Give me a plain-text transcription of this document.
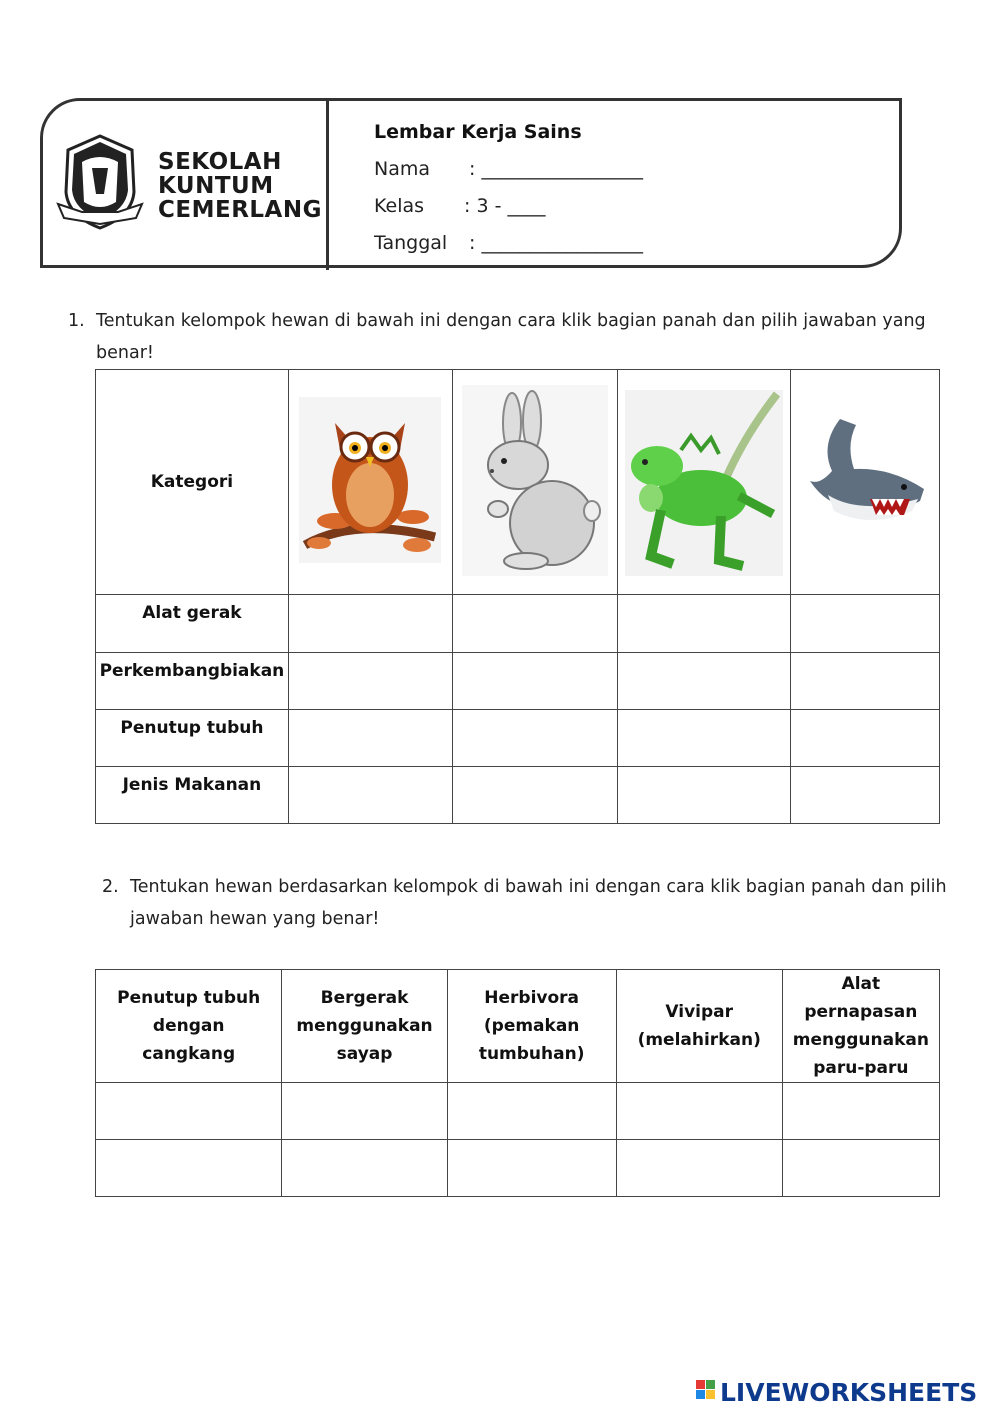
SEKOLAH
KUNTUM
CEMERLANG
Lembar Kerja Sains
Nama : _________________
Kelas : 3 - ____
Tanggal : _________________
1. Tentukan kelompok hewan di bawah ini dengan cara klik bagian panah dan pilih jawaban yang benar!
Kategori				
Alat gerak				
Perkembangbiakan				
Penutup tubuh				
Jenis Makanan				
2. Tentukan hewan berdasarkan kelompok di bawah ini dengan cara klik bagian panah dan pilih jawaban hewan yang benar!
Penutup tubuh dengan cangkang	Bergerak menggunakan sayap	Herbivora (pemakan tumbuhan)	Vivipar (melahirkan)	Alat pernapasan menggunakan paru-paru

LIVEWORKSHEETS
